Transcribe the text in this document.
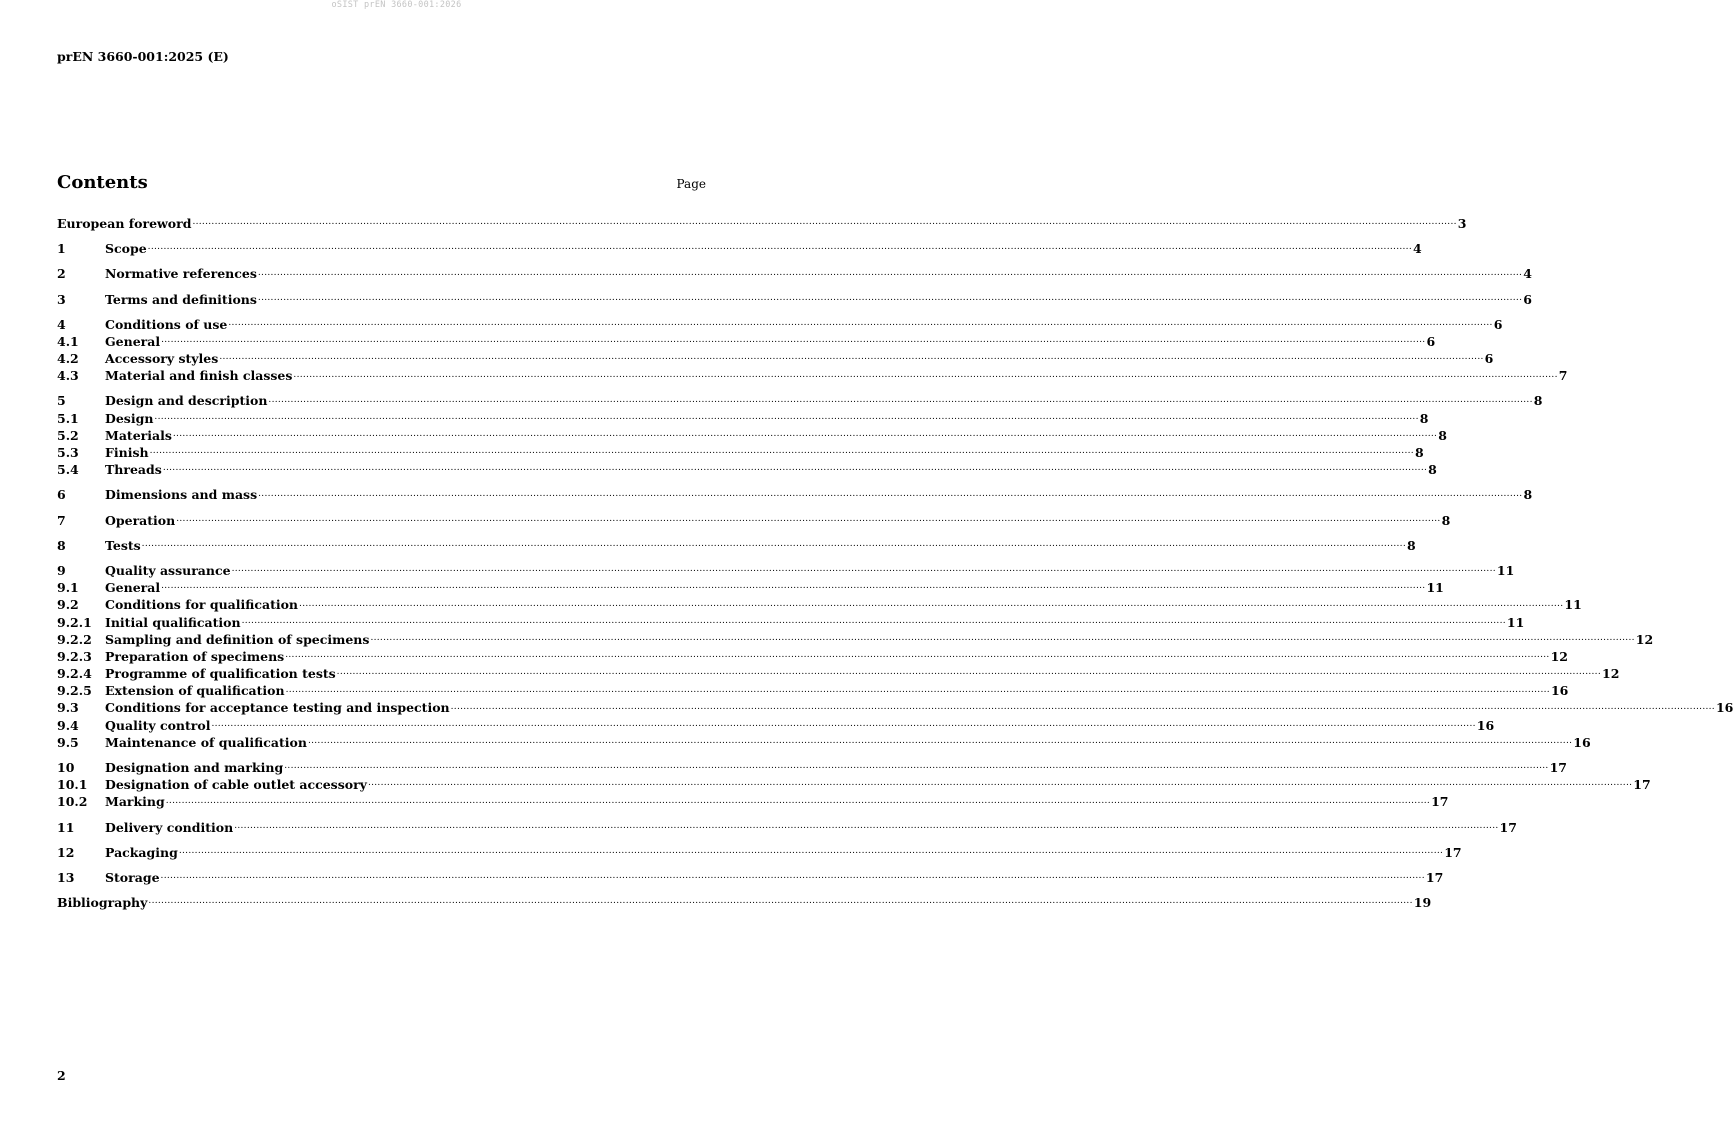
oSIST prEN 3660-001:2026
prEN 3660-001:2025 (E)
Contents	Page
European foreword ................................................................................................................................................................................................................................................................................................................................................................................................................ 3
1	Scope ................................................................................................................................................................................................................................................................................................................................................................................................................ 4
2	Normative references ................................................................................................................................................................................................................................................................................................................................................................................................................ 4
3	Terms and definitions ................................................................................................................................................................................................................................................................................................................................................................................................................ 6
4	Conditions of use ................................................................................................................................................................................................................................................................................................................................................................................................................ 6
4.1	General ................................................................................................................................................................................................................................................................................................................................................................................................................ 6
4.2	Accessory styles ................................................................................................................................................................................................................................................................................................................................................................................................................ 6
4.3	Material and finish classes ................................................................................................................................................................................................................................................................................................................................................................................................................ 7
5	Design and description ................................................................................................................................................................................................................................................................................................................................................................................................................ 8
5.1	Design ................................................................................................................................................................................................................................................................................................................................................................................................................ 8
5.2	Materials ................................................................................................................................................................................................................................................................................................................................................................................................................ 8
5.3	Finish ................................................................................................................................................................................................................................................................................................................................................................................................................ 8
5.4	Threads ................................................................................................................................................................................................................................................................................................................................................................................................................ 8
6	Dimensions and mass ................................................................................................................................................................................................................................................................................................................................................................................................................ 8
7	Operation ................................................................................................................................................................................................................................................................................................................................................................................................................ 8
8	Tests ................................................................................................................................................................................................................................................................................................................................................................................................................ 8
9	Quality assurance ................................................................................................................................................................................................................................................................................................................................................................................................................ 11
9.1	General ................................................................................................................................................................................................................................................................................................................................................................................................................ 11
9.2	Conditions for qualification ................................................................................................................................................................................................................................................................................................................................................................................................................ 11
9.2.1	Initial qualification ................................................................................................................................................................................................................................................................................................................................................................................................................ 11
9.2.2	Sampling and definition of specimens ................................................................................................................................................................................................................................................................................................................................................................................................................ 12
9.2.3	Preparation of specimens ................................................................................................................................................................................................................................................................................................................................................................................................................ 12
9.2.4	Programme of qualification tests ................................................................................................................................................................................................................................................................................................................................................................................................................ 12
9.2.5	Extension of qualification ................................................................................................................................................................................................................................................................................................................................................................................................................ 16
9.3	Conditions for acceptance testing and inspection ................................................................................................................................................................................................................................................................................................................................................................................................................ 16
9.4	Quality control ................................................................................................................................................................................................................................................................................................................................................................................................................ 16
9.5	Maintenance of qualification ................................................................................................................................................................................................................................................................................................................................................................................................................ 16
10	Designation and marking ................................................................................................................................................................................................................................................................................................................................................................................................................ 17
10.1	Designation of cable outlet accessory ................................................................................................................................................................................................................................................................................................................................................................................................................ 17
10.2	Marking ................................................................................................................................................................................................................................................................................................................................................................................................................ 17
11	Delivery condition ................................................................................................................................................................................................................................................................................................................................................................................................................ 17
12	Packaging ................................................................................................................................................................................................................................................................................................................................................................................................................ 17
13	Storage ................................................................................................................................................................................................................................................................................................................................................................................................................ 17
Bibliography ................................................................................................................................................................................................................................................................................................................................................................................................................ 19
2
